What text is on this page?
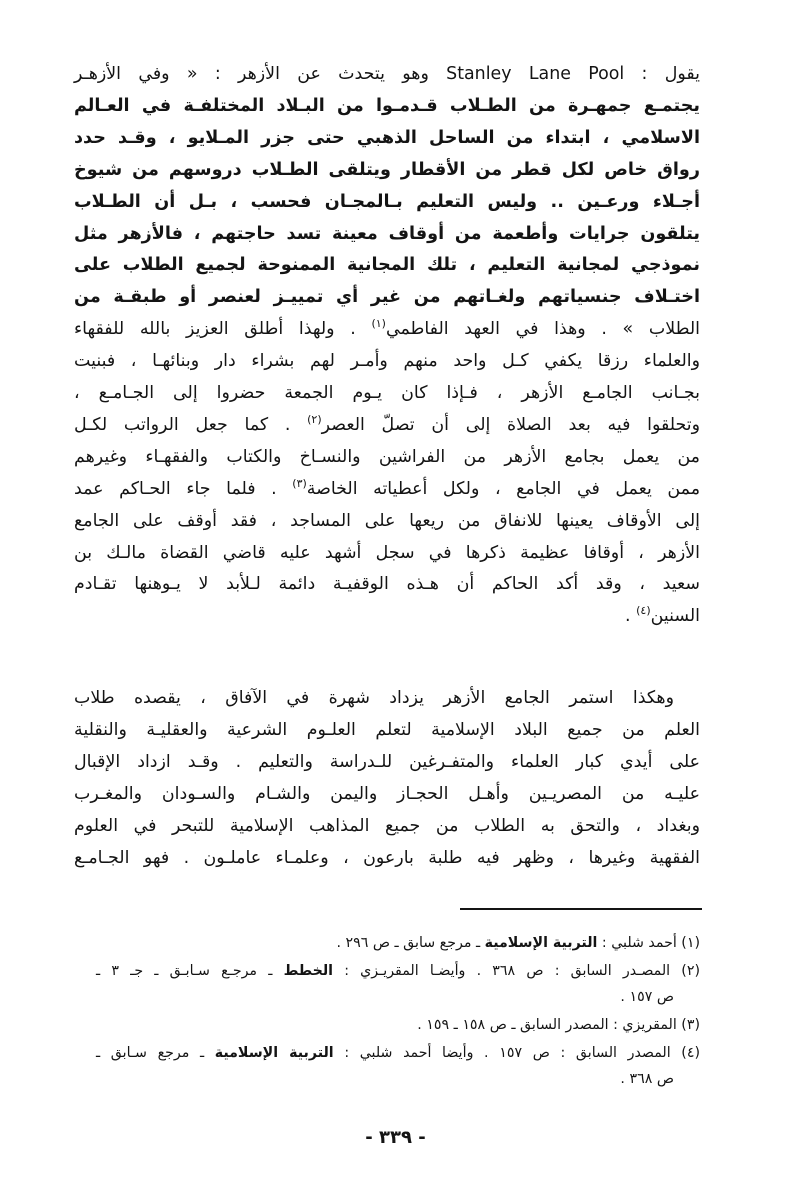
يقول : Stanley Lane Pool وهو يتحدث عن الأزهر : « وفي الأزهـر
يجتمـع جمهـرة من الطـلاب قـدمـوا من البـلاد المختلفـة في العـالم
الاسلامي ، ابتداء من الساحل الذهبي حتى جزر المـلايو ، وقـد حدد
رواق خاص لكل قطر من الأقطار ويتلقى الطـلاب دروسهم من شيوخ
أجـلاء ورعـين .. وليس التعليم بـالمجـان فحسب ، بـل أن الطـلاب
يتلقون جرايات وأطعمة من أوقاف معينة تسد حاجتهم ، فالأزهر مثل
نموذجي لمجانية التعليم ، تلك المجانية الممنوحة لجميع الطلاب على
اختـلاف جنسياتهم ولغـاتهم من غير أي تمييـز لعنصر أو طبقـة من
الطلاب » . وهذا في العهد الفاطمي$^{(١)}$ . ولهذا أطلق العزيز بالله للفقهاء
والعلماء رزقا يكفي كـل واحد منهم وأمـر لهم بشراء دار وبنائهـا ، فبنيت
بجـانب الجامـع الأزهر ، فـإذا كان يـوم الجمعة حضروا إلى الجـامـع ،
وتحلقوا فيه بعد الصلاة إلى أن تصلّ العصر$^{(٢)}$ . كما جعل الرواتب لكـل
من يعمل بجامع الأزهر من الفراشين والنسـاخ والكتاب والفقهـاء وغيرهم
ممن يعمل في الجامع ، ولكل أعطياته الخاصة$^{(٣)}$ . فلما جاء الحـاكم عمد
إلى الأوقاف يعينها للانفاق من ريعها على المساجد ، فقد أوقف على الجامع
الأزهر ، أوقافا عظيمة ذكرها في سجل أشهد عليه قاضي القضاة مالـك بن
سعيد ، وقد أكد الحاكم أن هـذه الوقفيـة دائمة لـلأبد لا يـوهنها تقـادم
السنين$^{(٤)}$ .
وهكذا استمر الجامع الأزهر يزداد شهرة في الآفاق ، يقصده طلاب
العلم من جميع البلاد الإسلامية لتعلم العلـوم الشرعية والعقليـة والنقلية
على أيدي كبار العلماء والمتفـرغين للـدراسة والتعليم . وقـد ازداد الإقبال
عليـه من المصريـين وأهـل الحجـاز واليمن والشـام والسـودان والمغـرب
وبغداد ، والتحق به الطلاب من جميع المذاهب الإسلامية للتبحر في العلوم
الفقهية وغيرها ، وظهر فيه طلبة بارعون ، وعلمـاء عاملـون . فهو الجـامـع
(١) أحمد شلبي : التربية الإسلامية ـ مرجع سابق ـ ص ٢٩٦ .
(٢) المصـدر السابق : ص ٣٦٨ . وأيضـا المقريـزي : الخطط ـ مرجـع سـابـق ـ جـ ٣ ـ
ص ١٥٧ .
(٣) المقريزي : المصدر السابق ـ ص ١٥٨ ـ ١٥٩ .
(٤) المصدر السابق : ص ١٥٧ . وأيضا أحمد شلبي : التربية الإسلامية ـ مرجع سـابق ـ
ص ٣٦٨ .
- ٣٣٩ -
